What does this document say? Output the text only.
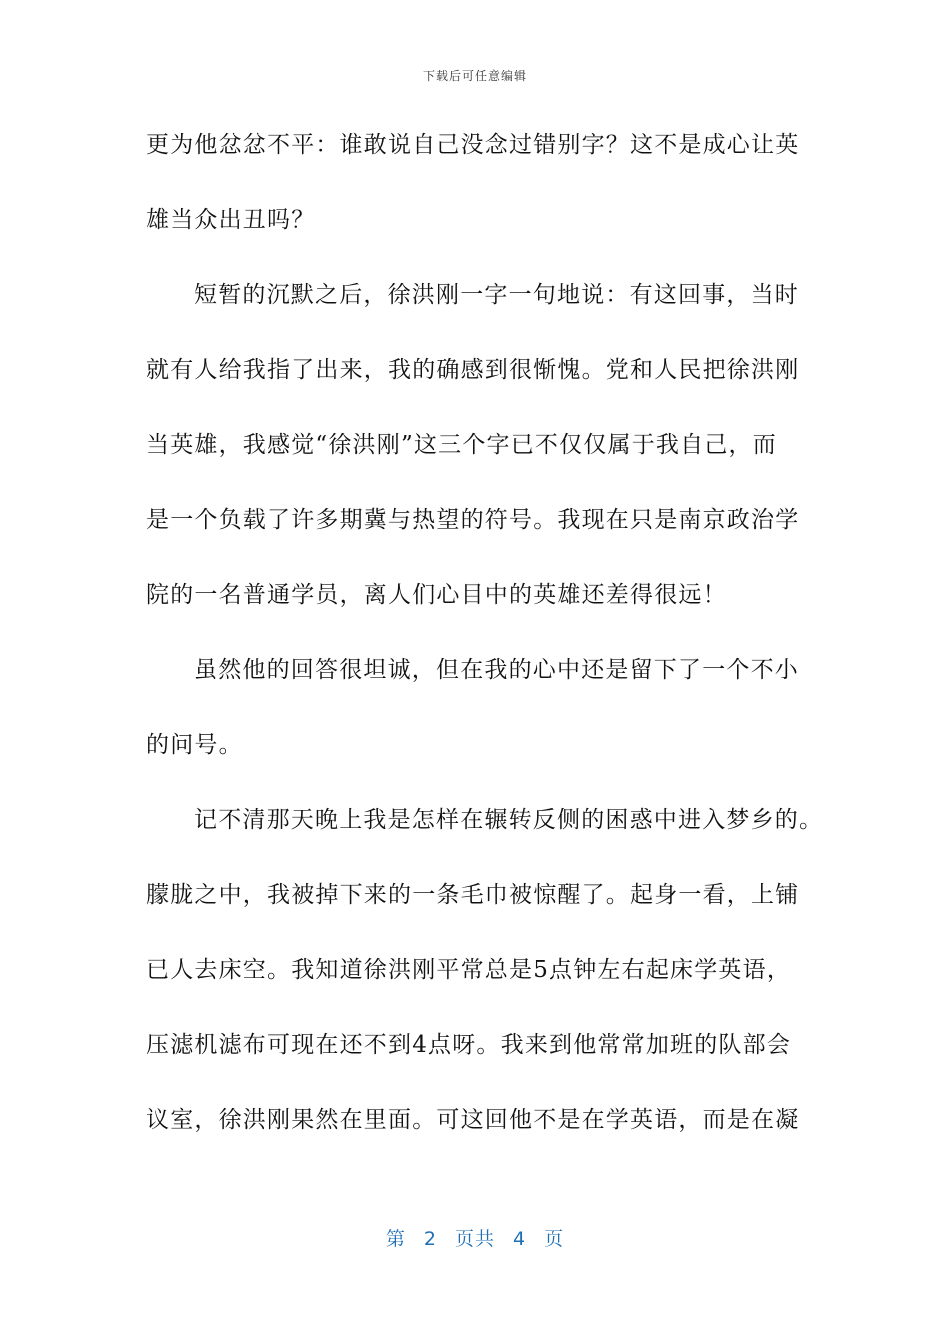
下载后可任意编辑
更为他忿忿不平：谁敢说自己没念过错别字？这不是成心让英
雄当众出丑吗？
短暂的沉默之后，徐洪刚一字一句地说：有这回事，当时
就有人给我指了出来，我的确感到很惭愧。党和人民把徐洪刚
当英雄，我感觉“徐洪刚”这三个字已不仅仅属于我自己，而
是一个负载了许多期冀与热望的符号。我现在只是南京政治学
院的一名普通学员，离人们心目中的英雄还差得很远！
虽然他的回答很坦诚，但在我的心中还是留下了一个不小
的问号。
记不清那天晚上我是怎样在辗转反侧的困惑中进入梦乡的。
朦胧之中，我被掉下来的一条毛巾被惊醒了。起身一看，上铺
已人去床空。我知道徐洪刚平常总是5点钟左右起床学英语，
压滤机滤布可现在还不到4点呀。我来到他常常加班的队部会
议室，徐洪刚果然在里面。可这回他不是在学英语，而是在凝
第 2 页共 4 页
